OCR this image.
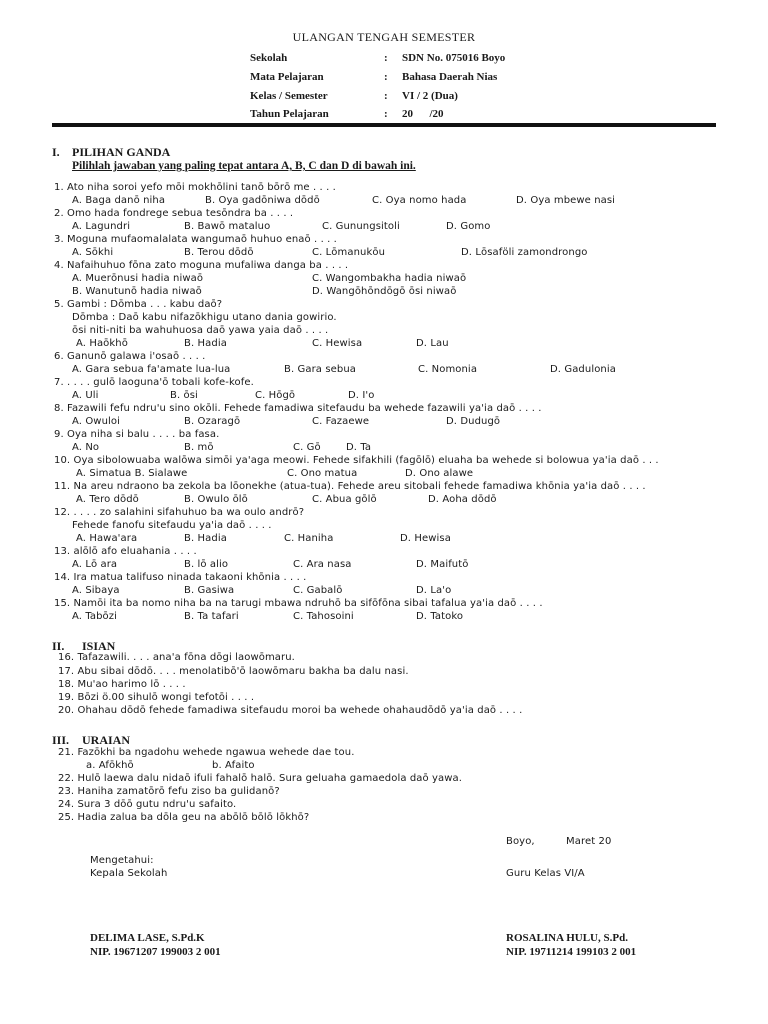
ULANGAN TENGAH SEMESTER
Sekolah	: SDN No. 075016 Boyo
Mata Pelajaran	: Bahasa Daerah Nias
Kelas / Semester	: VI / 2 (Dua)
Tahun Pelajaran	: 20      /20
I. PILIHAN GANDA
Pilihlah jawaban yang paling tepat antara A, B, C dan D di bawah ini.
1. Ato niha soroi yefo mōi mokhōlini tanō bōrō me . . . .
A. Baga danō niha	B. Oya gadōniwa dōdō	C. Oya nomo hada	D. Oya mbewe nasi
2. Omo hada fondrege sebua tesōndra ba . . . .
A. Lagundri	B. Bawō mataluo	C. Gunungsitoli	D. Gomo
3. Moguna mufaomalalata wangumaō huhuo enaō . . . .
A. Sōkhi	B. Terou dōdō	C. Lōmanukōu	D. Lōsaföli zamondrongo
4. Nafaihuhuo fōna zato moguna mufaliwa danga ba . . . .
A. Muerōnusi hadia niwaō	C. Wangombakha hadia niwaō
B. Wanutunō hadia niwaō	D. Wangōhōndōgō ōsi niwaō
5. Gambi : Dōmba . . . kabu daō?
Dōmba : Daō kabu nifazōkhigu utano dania gowirio.
ōsi niti-niti ba wahuhuosa daō yawa yaia daō . . . .
A. Haōkhō	B. Hadia	C. Hewisa	D. Lau
6. Ganunō galawa i'osaō . . . .
A. Gara sebua fa'amate lua-lua	B. Gara sebua	C. Nomonia	D. Gadulonia
7. . . . . gulō laoguna'ō tobali kofe-kofe.
A. Uli	B. ōsi	C. Hōgō	D. I'o
8. Fazawili fefu ndru'u sino okōli. Fehede famadiwa sitefaudu ba wehede fazawili ya'ia daō . . . .
A. Owuloi	B. Ozaragō	C. Fazaewe	D. Dudugō
9. Oya niha si balu . . . . ba fasa.
A. No	B. mō	C. Gō	D. Ta
10. Oya sibolowuaba walōwa simōi ya'aga meowi. Fehede sifakhili (fagōlō) eluaha ba wehede si bolowua ya'ia daō . . .
A. Simatua B. Sialawe	C. Ono matua	D. Ono alawe
11. Na areu ndraono ba zekola ba lōonekhe (atua-tua). Fehede areu sitobali fehede famadiwa khōnia ya'ia daō . . . .
A. Tero dōdō	B. Owulo ōlō	C. Abua gōlō	D. Aoha dōdō
12. . . . . zo salahini sifahuhuo ba wa oulo andrō?
Fehede fanofu sitefaudu ya'ia daō . . . .
A. Hawa'ara	B. Hadia	C. Haniha	D. Hewisa
13. alōlō afo eluahania . . . .
A. Lō ara	B. lō alio	C. Ara nasa	D. Maifutō
14. Ira matua talifuso ninada takaoni khōnia . . . .
A. Sibaya	B. Gasiwa	C. Gabalō	D. La'o
15. Namōi ita ba nomo niha ba na tarugi mbawa ndruhō ba sifōfōna sibai tafalua ya'ia daō . . . .
A. Tabōzi	B. Ta tafari	C. Tahosoini	D. Tatoko
II. ISIAN
16. Tafazawili. . . . ana'a fōna dōgi laowōmaru.
17. Abu sibai dōdō. . . . menolatibō'ō laowōmaru bakha ba dalu nasi.
18. Mu'ao harimo lō . . . .
19. Bōzi ö.00 sihulō wongi tefotōi . . . .
20. Ohahau dōdō fehede famadiwa sitefaudu moroi ba wehede ohahaudōdō ya'ia daō . . . .
III. URAIAN
21. Fazōkhi ba ngadohu wehede ngawua wehede dae tou.
a. Afōkhō	b. Afaito
22. Hulō laewa dalu nidaō ifuli fahalō halō. Sura geluaha gamaedola daō yawa.
23. Haniha zamatōrō fefu ziso ba gulidanō?
24. Sura 3 dōō gutu ndru'u safaito.
25. Hadia zalua ba dōla geu na abōlō bōlō lōkhō?
Boyo,	Maret 20
Mengetahui:
Kepala Sekolah	Guru Kelas VI/A
DELIMA LASE, S.Pd.K
NIP. 19671207 199003 2 001
ROSALINA HULU, S.Pd.
NIP. 19711214 199103 2 001
